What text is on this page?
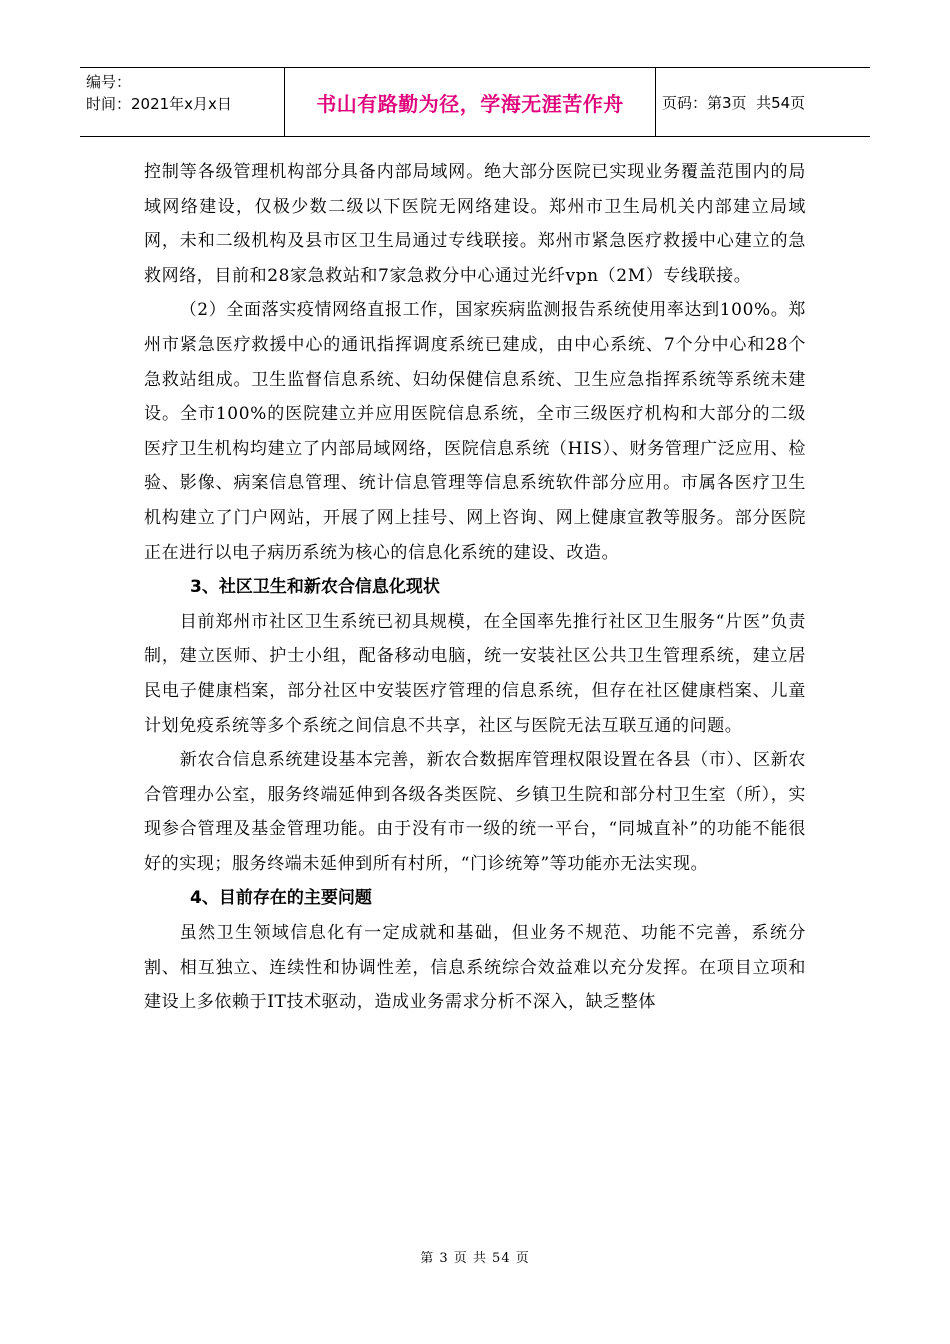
编号：
时间：2021年x月x日	书山有路勤为径，学海无涯苦作舟	页码：第3页  共54页

控制等各级管理机构部分具备内部局域网。绝大部分医院已实现业务覆盖范围内的局域网络建设，仅极少数二级以下医院无网络建设。郑州市卫生局机关内部建立局域网，未和二级机构及县市区卫生局通过专线联接。郑州市紧急医疗救援中心建立的急救网络，目前和28家急救站和7家急救分中心通过光纤vpn（2M）专线联接。

（2）全面落实疫情网络直报工作，国家疾病监测报告系统使用率达到100%。郑州市紧急医疗救援中心的通讯指挥调度系统已建成，由中心系统、7个分中心和28个急救站组成。卫生监督信息系统、妇幼保健信息系统、卫生应急指挥系统等系统未建设。全市100%的医院建立并应用医院信息系统，全市三级医疗机构和大部分的二级医疗卫生机构均建立了内部局域网络，医院信息系统（HIS）、财务管理广泛应用、检验、影像、病案信息管理、统计信息管理等信息系统软件部分应用。市属各医疗卫生机构建立了门户网站，开展了网上挂号、网上咨询、网上健康宣教等服务。部分医院正在进行以电子病历系统为核心的信息化系统的建设、改造。

3、社区卫生和新农合信息化现状

目前郑州市社区卫生系统已初具规模，在全国率先推行社区卫生服务“片医”负责制，建立医师、护士小组，配备移动电脑，统一安装社区公共卫生管理系统，建立居民电子健康档案，部分社区中安装医疗管理的信息系统，但存在社区健康档案、儿童计划免疫系统等多个系统之间信息不共享，社区与医院无法互联互通的问题。

新农合信息系统建设基本完善，新农合数据库管理权限设置在各县（市）、区新农合管理办公室，服务终端延伸到各级各类医院、乡镇卫生院和部分村卫生室（所），实现参合管理及基金管理功能。由于没有市一级的统一平台，“同城直补”的功能不能很好的实现；服务终端未延伸到所有村所，“门诊统筹”等功能亦无法实现。

4、目前存在的主要问题

虽然卫生领域信息化有一定成就和基础，但业务不规范、功能不完善，系统分割、相互独立、连续性和协调性差，信息系统综合效益难以充分发挥。在项目立项和建设上多依赖于IT技术驱动，造成业务需求分析不深入，缺乏整体

第 3 页 共 54 页
